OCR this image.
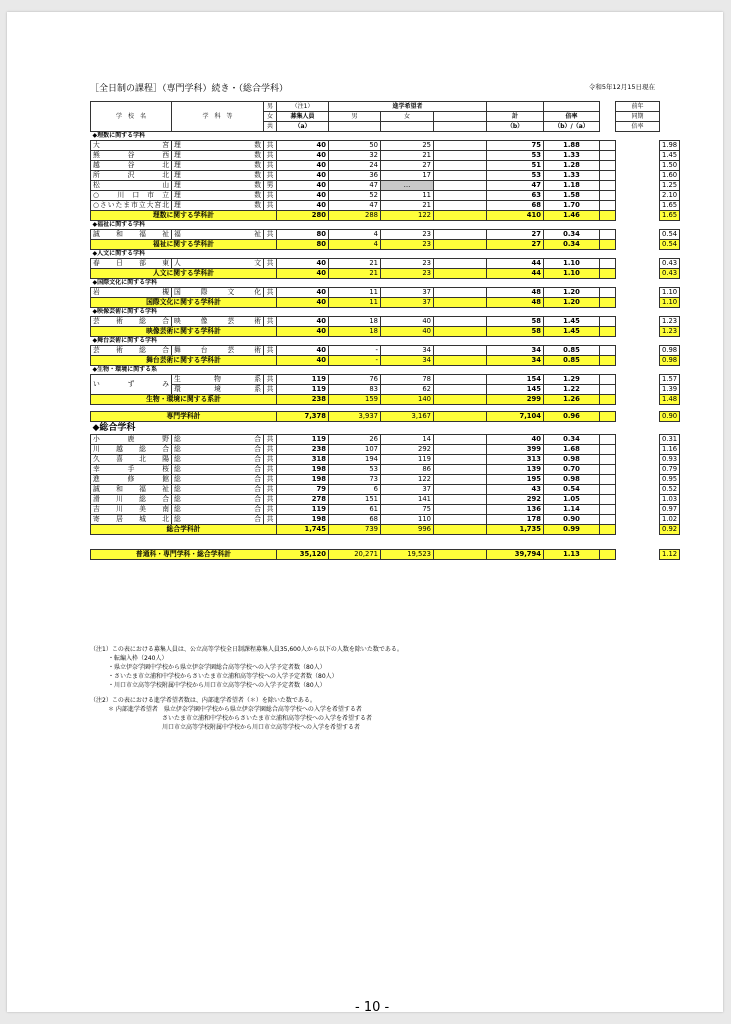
［全日制の課程］（専門学科）続き・（総合学科）	令和5年12月15日現在
学　校　名	学　科　等	男	（注1）	進学希望者						前年	
		女	募集人員	男	女		計	倍率		同期	
		共	（a）				（b）	（b）/（a）		倍率	
◆理数に関する学科											
大　　　　宮	理　　　　数	共	40	50	25		75	1.88			1.98
熊　谷　西	理　　　　数	共	40	32	21		53	1.33			1.45
越　谷　北	理　　　　数	共	40	24	27		51	1.28			1.50
所　沢　北	理　　　　数	共	40	36	17		53	1.33			1.60
松　　　　山	理　　　　数	男	40	47	…		47	1.18			1.25
○ 川口市立	理　　　　数	共	40	52	11		63	1.58			2.10
○さいたま市立大宮北	理　　　　数	共	40	47	21		68	1.70			1.65
理数に関する学科計			280	288	122		410	1.46			1.65
◆福祉に関する学科											
誠　和　福　祉	福　　　　　祉	共	80	4	23		27	0.34			0.54
福祉に関する学科計			80	4	23		27	0.34			0.54
◆人文に関する学科											
春　日　部　東	人　　　　　文	共	40	21	23		44	1.10			0.43
人文に関する学科計			40	21	23		44	1.10			0.43
◆国際文化に関する学科											
岩　　　　槻	国　際　文　化	共	40	11	37		48	1.20			1.10
国際文化に関する学科計			40	11	37		48	1.20			1.10
◆映像芸術に関する学科											
芸　術　総　合	映　像　芸　術	共	40	18	40		58	1.45			1.23
映像芸術に関する学科計			40	18	40		58	1.45			1.23
◆舞台芸術に関する学科											
芸　術　総　合	舞　台　芸　術	共	40	-	34		34	0.85			0.98
舞台芸術に関する学科計			40	-	34		34	0.85			0.98
◆生物・環境に関する系											
い　ず　み	生　物　系	共	119	76	78		154	1.29			1.57
	環　境　系	共	119	83	62		145	1.22			1.39
生物・環境に関する系計			238	159	140		299	1.26			1.48

専門学科計			7,378	3,937	3,167		7,104	0.96			0.90
◆総合学科											
小　鹿　野	総　　　　合	共	119	26	14		40	0.34			0.31
川　越　総　合	総　　　　合	共	238	107	292		399	1.68			1.16
久　喜　北　陽	総　　　　合	共	318	194	119		313	0.98			0.93
幸　　手　　桜	総　　　　合	共	198	53	86		139	0.70			0.79
進　　修　　館	総　　　　合	共	198	73	122		195	0.98			0.95
誠　和　福　祉	総　　　　合	共	79	6	37		43	0.54			0.52
滑　川　総　合	総　　　　合	共	278	151	141		292	1.05			1.03
吉　川　美　南	総　　　　合	共	119	61	75		136	1.14			0.97
寄　居　城　北	総　　　　合	共	198	68	110		178	0.90			1.02
総合学科計			1,745	739	996		1,735	0.99			0.92

普通科・専門学科・総合学科計			35,120	20,271	19,523		39,794	1.13			1.12
（注1）この表における募集人員は、公立高等学校全日制課程募集人員35,600人から以下の人数を除いた数である。
　　　・転編入枠（240人）
　　　・県立伊奈学園中学校から県立伊奈学園総合高等学校への入学予定者数（80人）
　　　・さいたま市立浦和中学校からさいたま市立浦和高等学校への入学予定者数（80人）
　　　・川口市立高等学校附属中学校から川口市立高等学校への入学予定者数（80人）
（注2）この表における進学希望者数は、内部進学希望者（＊）を除いた数である。
　　　＊ 内部進学希望者　県立伊奈学園中学校から県立伊奈学園総合高等学校への入学を希望する者
　　　　　　　　　　　　さいたま市立浦和中学校からさいたま市立浦和高等学校への入学を希望する者
　　　　　　　　　　　　川口市立高等学校附属中学校から川口市立高等学校への入学を希望する者
- 10 -
